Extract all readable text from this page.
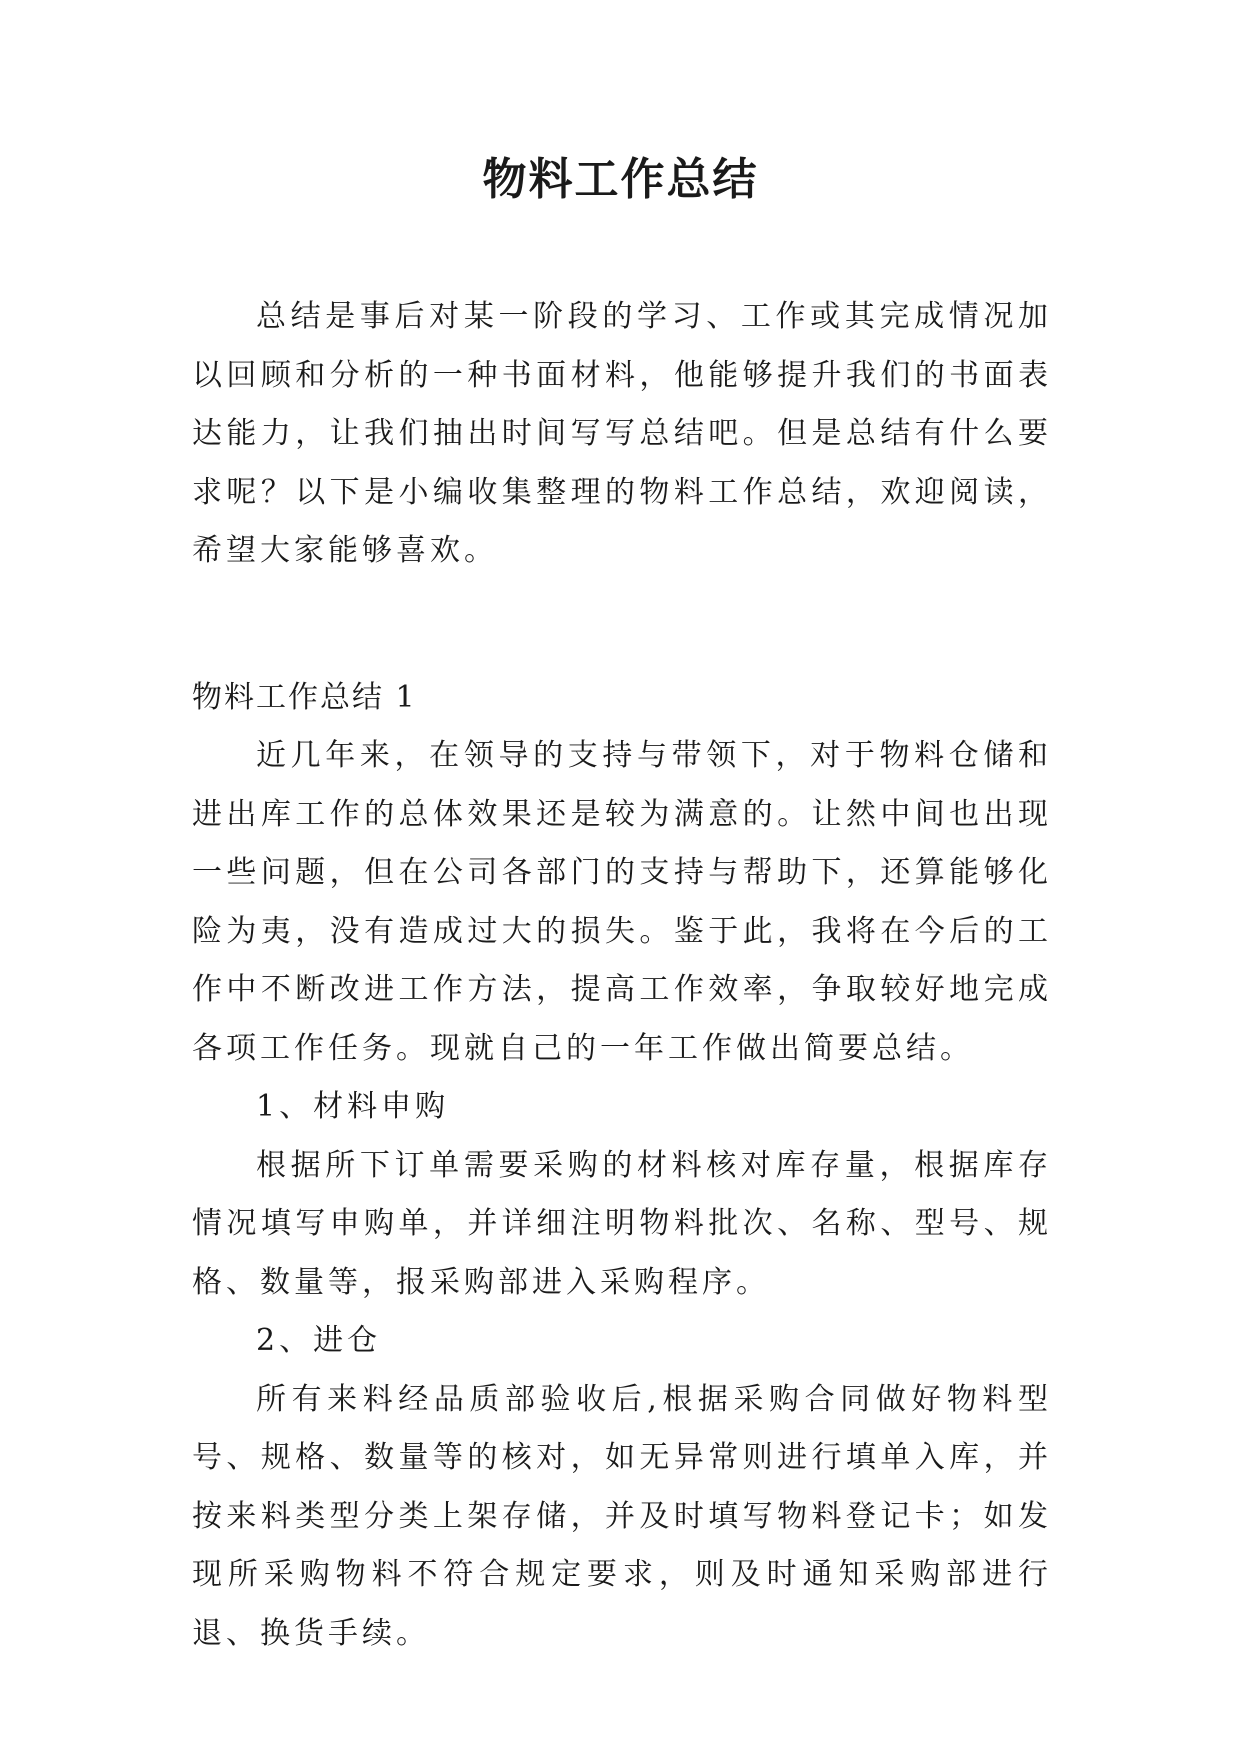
物料工作总结

总结是事后对某一阶段的学习、工作或其完成情况加以回顾和分析的一种书面材料，他能够提升我们的书面表达能力，让我们抽出时间写写总结吧。但是总结有什么要求呢？以下是小编收集整理的物料工作总结，欢迎阅读，希望大家能够喜欢。

物料工作总结 1

近几年来，在领导的支持与带领下，对于物料仓储和进出库工作的总体效果还是较为满意的。让然中间也出现一些问题，但在公司各部门的支持与帮助下，还算能够化险为夷，没有造成过大的损失。鉴于此，我将在今后的工作中不断改进工作方法，提高工作效率，争取较好地完成各项工作任务。现就自己的一年工作做出简要总结。

1、材料申购

根据所下订单需要采购的材料核对库存量，根据库存情况填写申购单，并详细注明物料批次、名称、型号、规格、数量等，报采购部进入采购程序。

2、进仓

所有来料经品质部验收后,根据采购合同做好物料型号、规格、数量等的核对，如无异常则进行填单入库，并按来料类型分类上架存储，并及时填写物料登记卡；如发现所采购物料不符合规定要求，则及时通知采购部进行退、换货手续。
